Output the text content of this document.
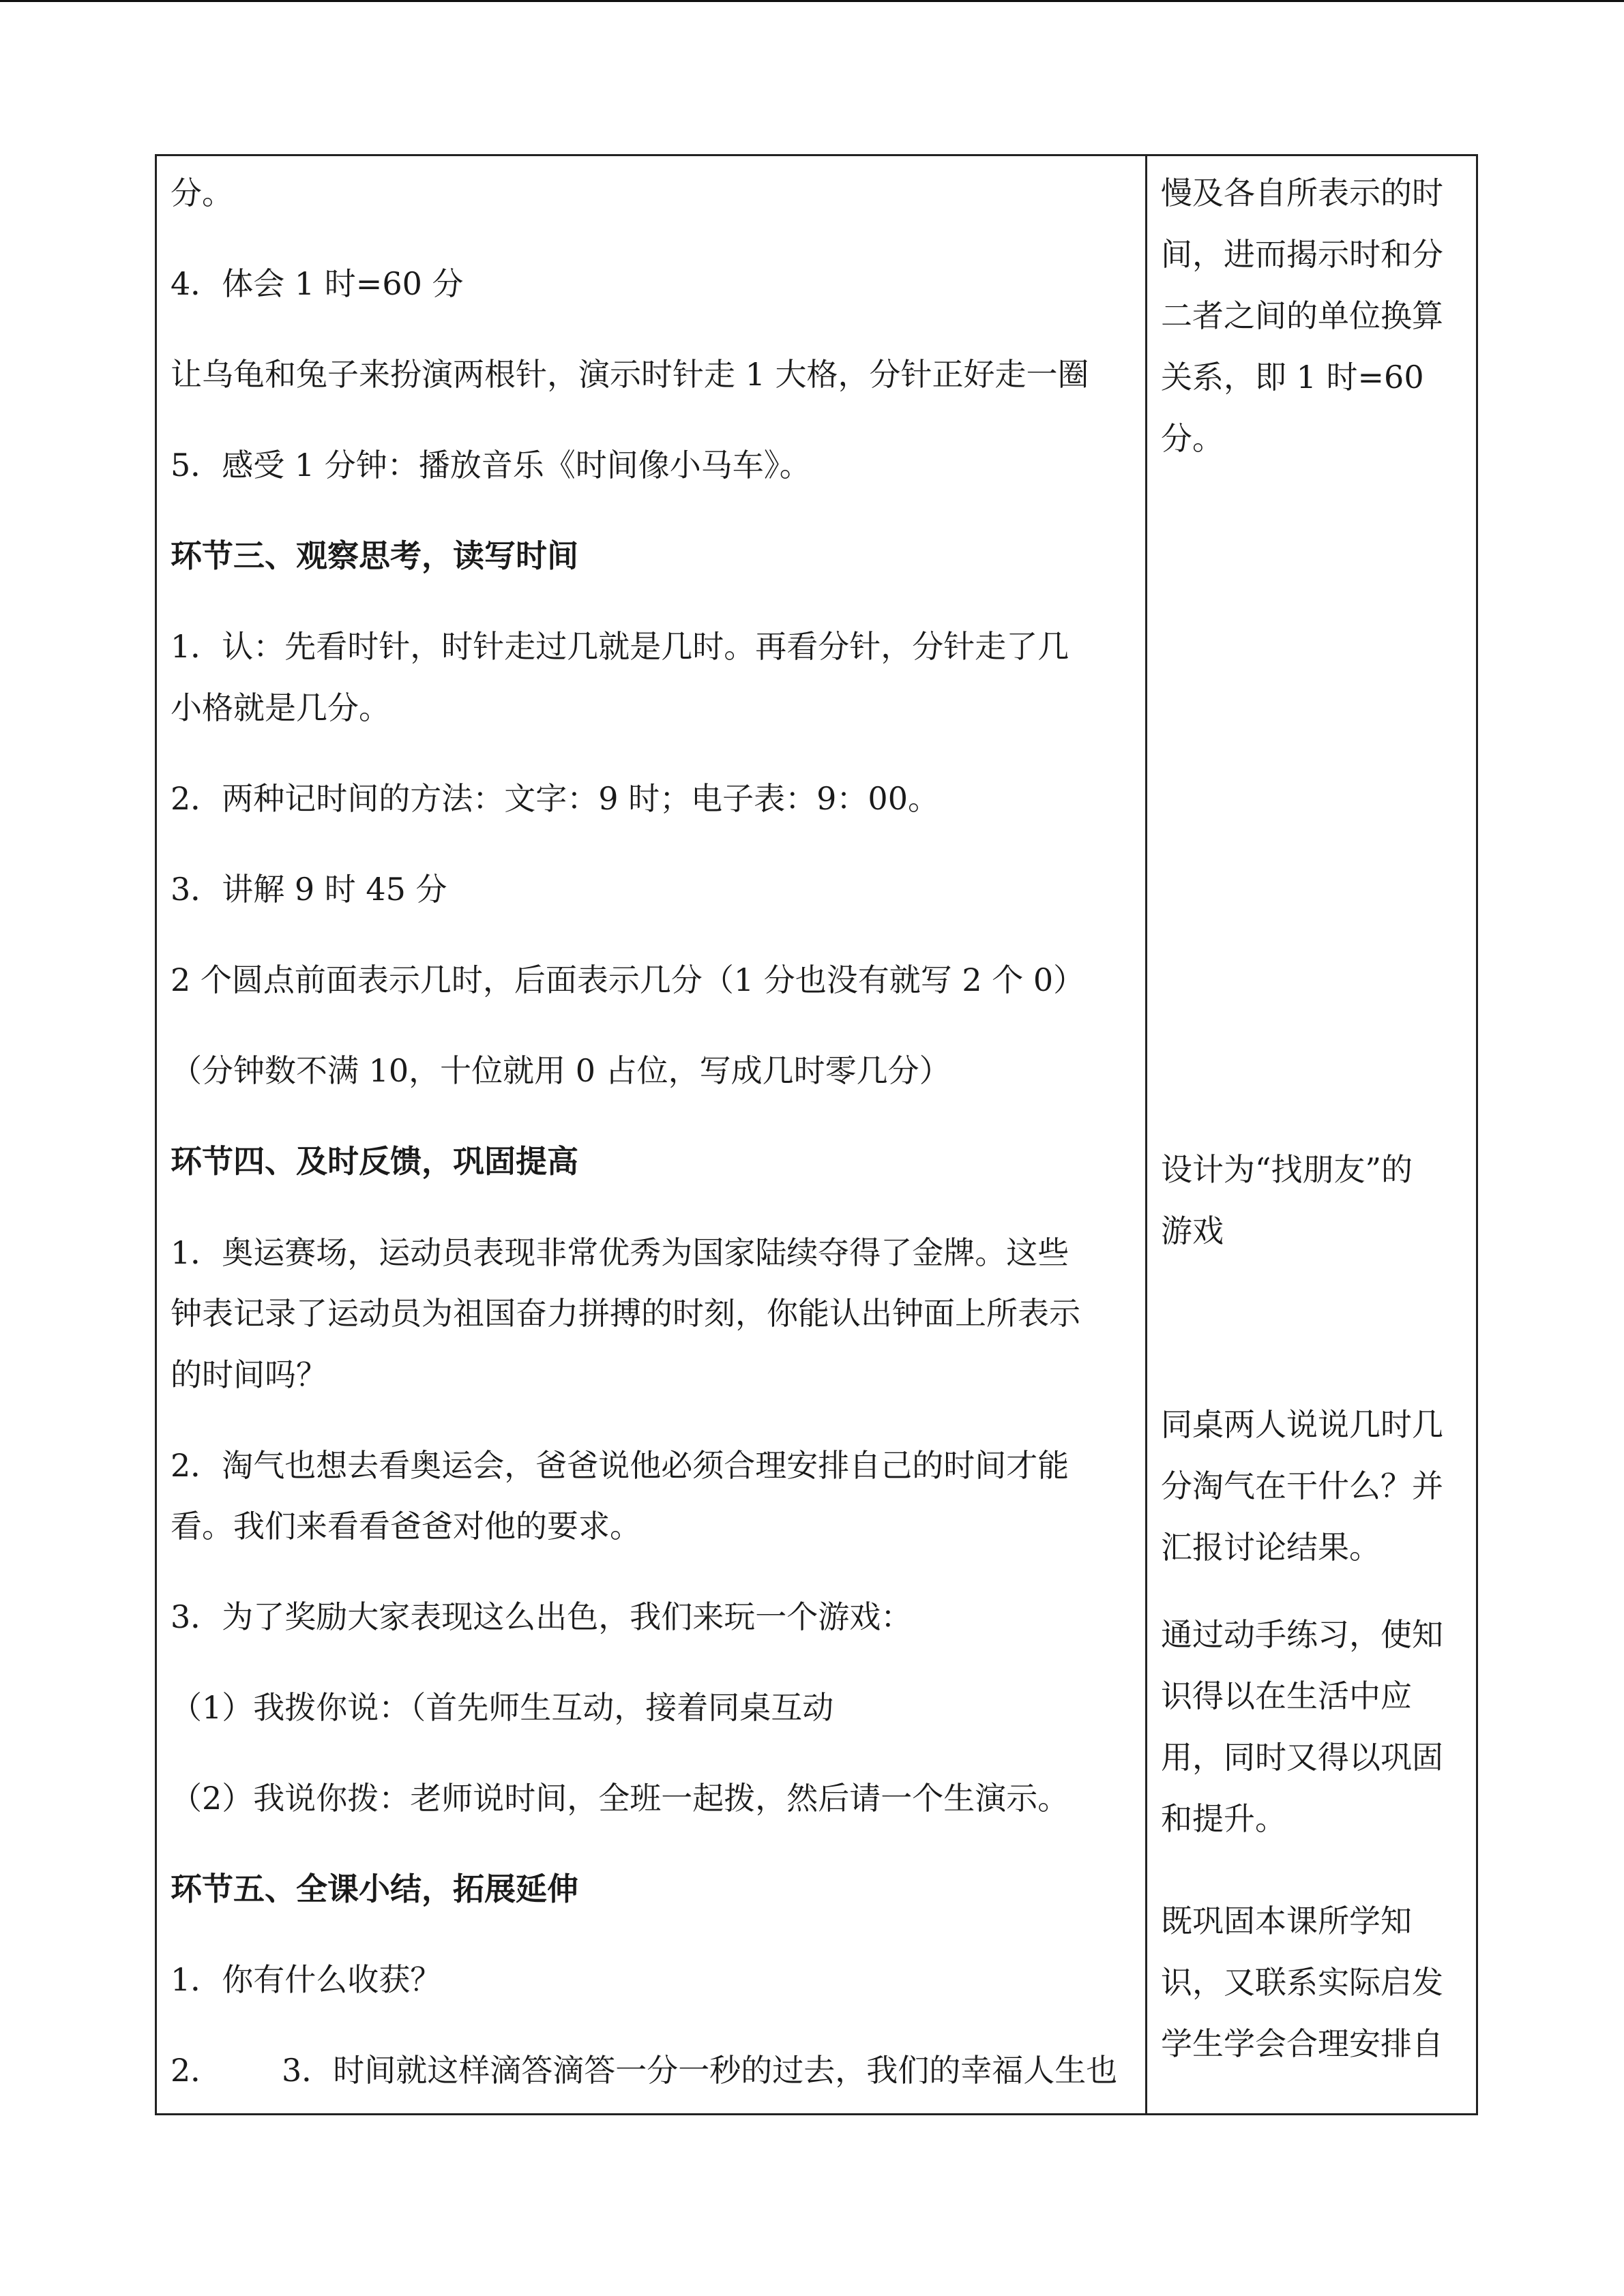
分。
4．体会 1 时=60 分
让乌龟和兔子来扮演两根针，演示时针走 1 大格，分针正好走一圈
5．感受 1 分钟：播放音乐《时间像小马车》。
环节三、观察思考，读写时间
1．认：先看时针，时针走过几就是几时。再看分针，分针走了几
小格就是几分。
2．两种记时间的方法：文字：9 时；电子表：9：00。
3．讲解 9 时 45 分
2 个圆点前面表示几时，后面表示几分（1 分也没有就写 2 个 0）
（分钟数不满 10，十位就用 0 占位，写成几时零几分）
环节四、及时反馈，巩固提高
1．奥运赛场，运动员表现非常优秀为国家陆续夺得了金牌。这些
钟表记录了运动员为祖国奋力拼搏的时刻，你能认出钟面上所表示
的时间吗？
2．淘气也想去看奥运会，爸爸说他必须合理安排自己的时间才能
看。我们来看看爸爸对他的要求。
3．为了奖励大家表现这么出色，我们来玩一个游戏：
（1）我拨你说：（首先师生互动，接着同桌互动
（2）我说你拨：老师说时间，全班一起拨，然后请一个生演示。
环节五、全课小结，拓展延伸
1．你有什么收获？
2．      3．时间就这样滴答滴答一分一秒的过去，我们的幸福人生也
慢及各自所表示的时
间，进而揭示时和分
二者之间的单位换算
关系，即 1 时=60
分。
设计为“找朋友”的
游戏
同桌两人说说几时几
分淘气在干什么？并
汇报讨论结果。
通过动手练习，使知
识得以在生活中应
用，同时又得以巩固
和提升。
既巩固本课所学知
识，又联系实际启发
学生学会合理安排自
